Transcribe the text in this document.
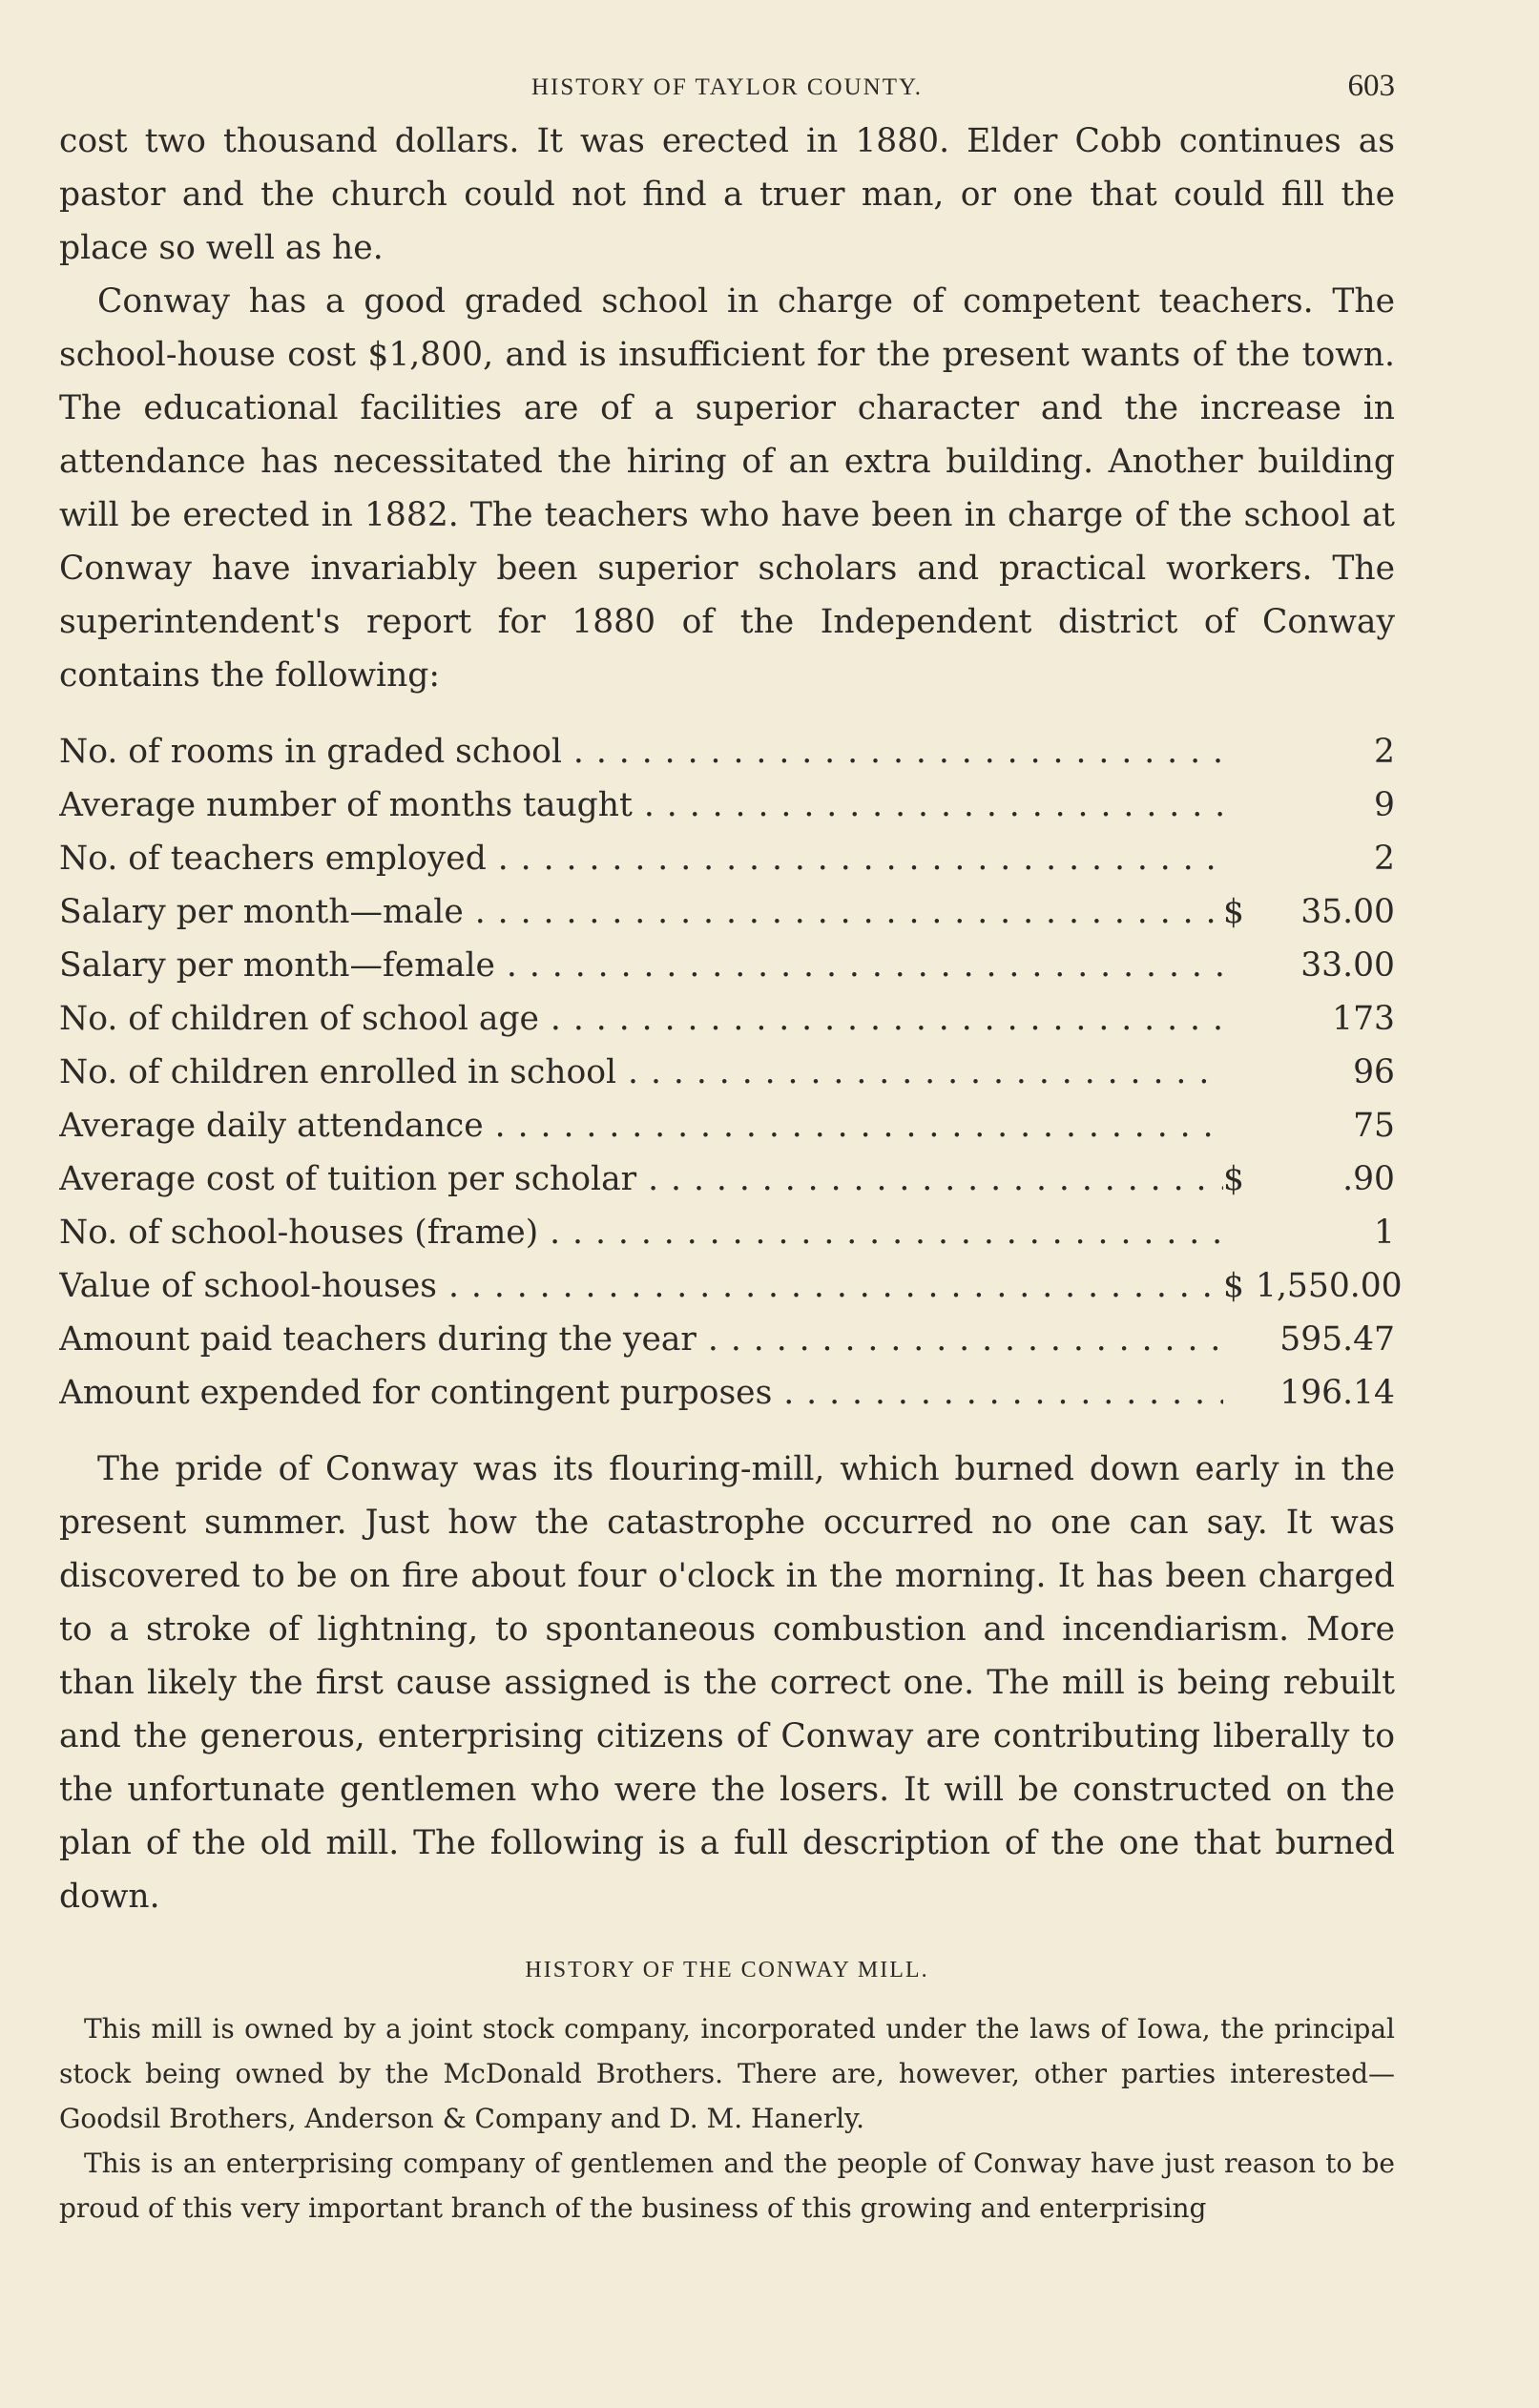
HISTORY OF TAYLOR COUNTY.	603

cost two thousand dollars. It was erected in 1880. Elder Cobb continues as pastor and the church could not find a truer man, or one that could fill the place so well as he.

Conway has a good graded school in charge of competent teachers. The school-house cost $1,800, and is insufficient for the present wants of the town. The educational facilities are of a superior character and the increase in attendance has necessitated the hiring of an extra building. Another building will be erected in 1882. The teachers who have been in charge of the school at Conway have invariably been superior scholars and practical workers. The superintendent's report for 1880 of the Independent district of Conway contains the following:

No. of rooms in graded school . . .	2
Average number of months taught . . .	9
No. of teachers employed . . .	2
Salary per month—male . . .	$	35.00
Salary per month—female . . .	33.00
No. of children of school age . . .	173
No. of children enrolled in school . . .	96
Average daily attendance . . .	75
Average cost of tuition per scholar . . .	$	.90
No. of school-houses (frame) . . .	1
Value of school-houses . . .	$ 1,550.00
Amount paid teachers during the year . . .	595.47
Amount expended for contingent purposes . . .	196.14

The pride of Conway was its flouring-mill, which burned down early in the present summer. Just how the catastrophe occurred no one can say. It was discovered to be on fire about four o'clock in the morning. It has been charged to a stroke of lightning, to spontaneous combustion and incendiarism. More than likely the first cause assigned is the correct one. The mill is being rebuilt and the generous, enterprising citizens of Conway are contributing liberally to the unfortunate gentlemen who were the losers. It will be constructed on the plan of the old mill. The following is a full description of the one that burned down.

HISTORY OF THE CONWAY MILL.

This mill is owned by a joint stock company, incorporated under the laws of Iowa, the principal stock being owned by the McDonald Brothers. There are, however, other parties interested—Goodsil Brothers, Anderson & Company and D. M. Hanerly.

This is an enterprising company of gentlemen and the people of Conway have just reason to be proud of this very important branch of the business of this growing and enterprising
